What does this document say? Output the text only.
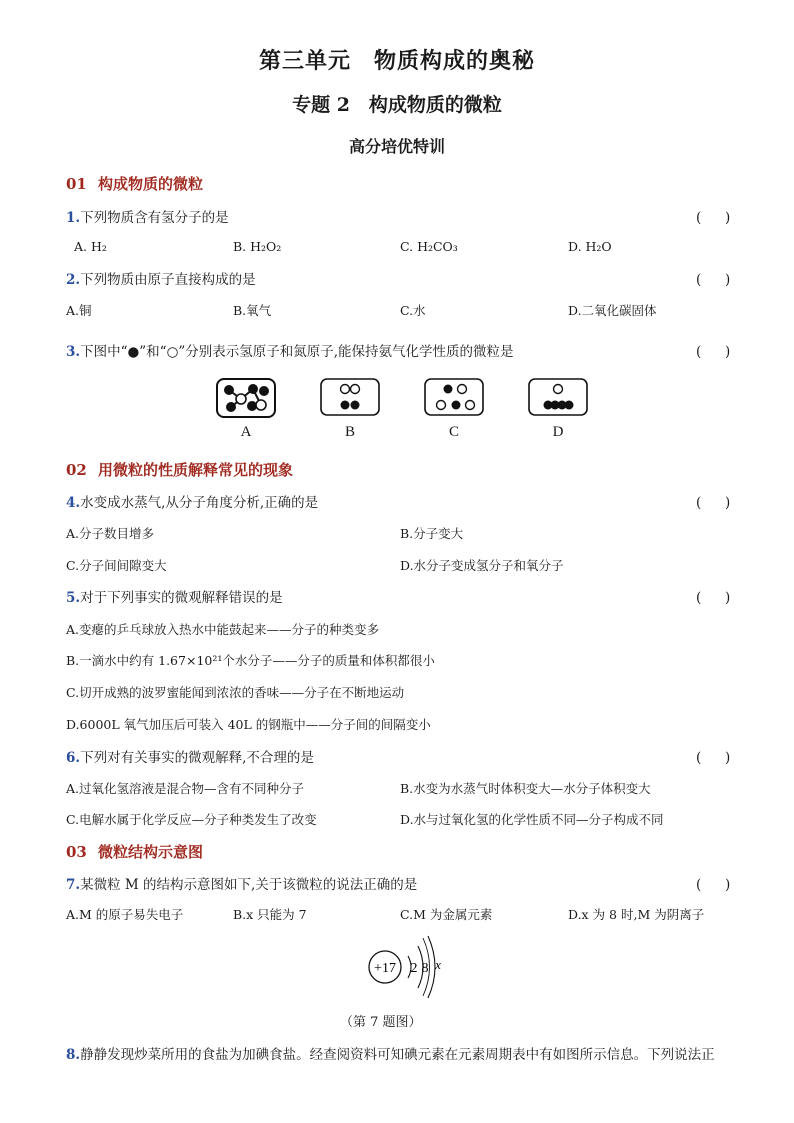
第三单元　物质构成的奥秘
专题 2　构成物质的微粒
高分培优特训
01 构成物质的微粒
1.下列物质含有氢分子的是	(　 )
A. H₂	B. H₂O₂	C. H₂CO₃	D. H₂O
2.下列物质由原子直接构成的是	(　 )
A.铜	B.氧气	C.水	D.二氧化碳固体
3.下图中“●”和“○”分别表示氢原子和氮原子,能保持氨气化学性质的微粒是	(　 )
A	B	C	D
02 用微粒的性质解释常见的现象
4.水变成水蒸气,从分子角度分析,正确的是	(　 )
A.分子数目增多	B.分子变大
C.分子间间隙变大	D.水分子变成氢分子和氧分子
5.对于下列事实的微观解释错误的是	(　 )
A.变瘪的乒乓球放入热水中能鼓起来——分子的种类变多
B.一滴水中约有 1.67×10²¹个水分子——分子的质量和体积都很小
C.切开成熟的波罗蜜能闻到浓浓的香味——分子在不断地运动
D.6000L 氧气加压后可装入 40L 的钢瓶中——分子间的间隔变小
6.下列对有关事实的微观解释,不合理的是	(　 )
A.过氧化氢溶液是混合物—含有不同种分子	B.水变为水蒸气时体积变大—水分子体积变大
C.电解水属于化学反应—分子种类发生了改变	D.水与过氧化氢的化学性质不同—分子构成不同
03 微粒结构示意图
7.某微粒 M 的结构示意图如下,关于该微粒的说法正确的是	(　 )
A.M 的原子易失电子	B.x 只能为 7	C.M 为金属元素	D.x 为 8 时,M 为阴离子
+17 2 8 x
（第 7 题图）
8.静静发现炒菜所用的食盐为加碘食盐。经查阅资料可知碘元素在元素周期表中有如图所示信息。下列说法正
